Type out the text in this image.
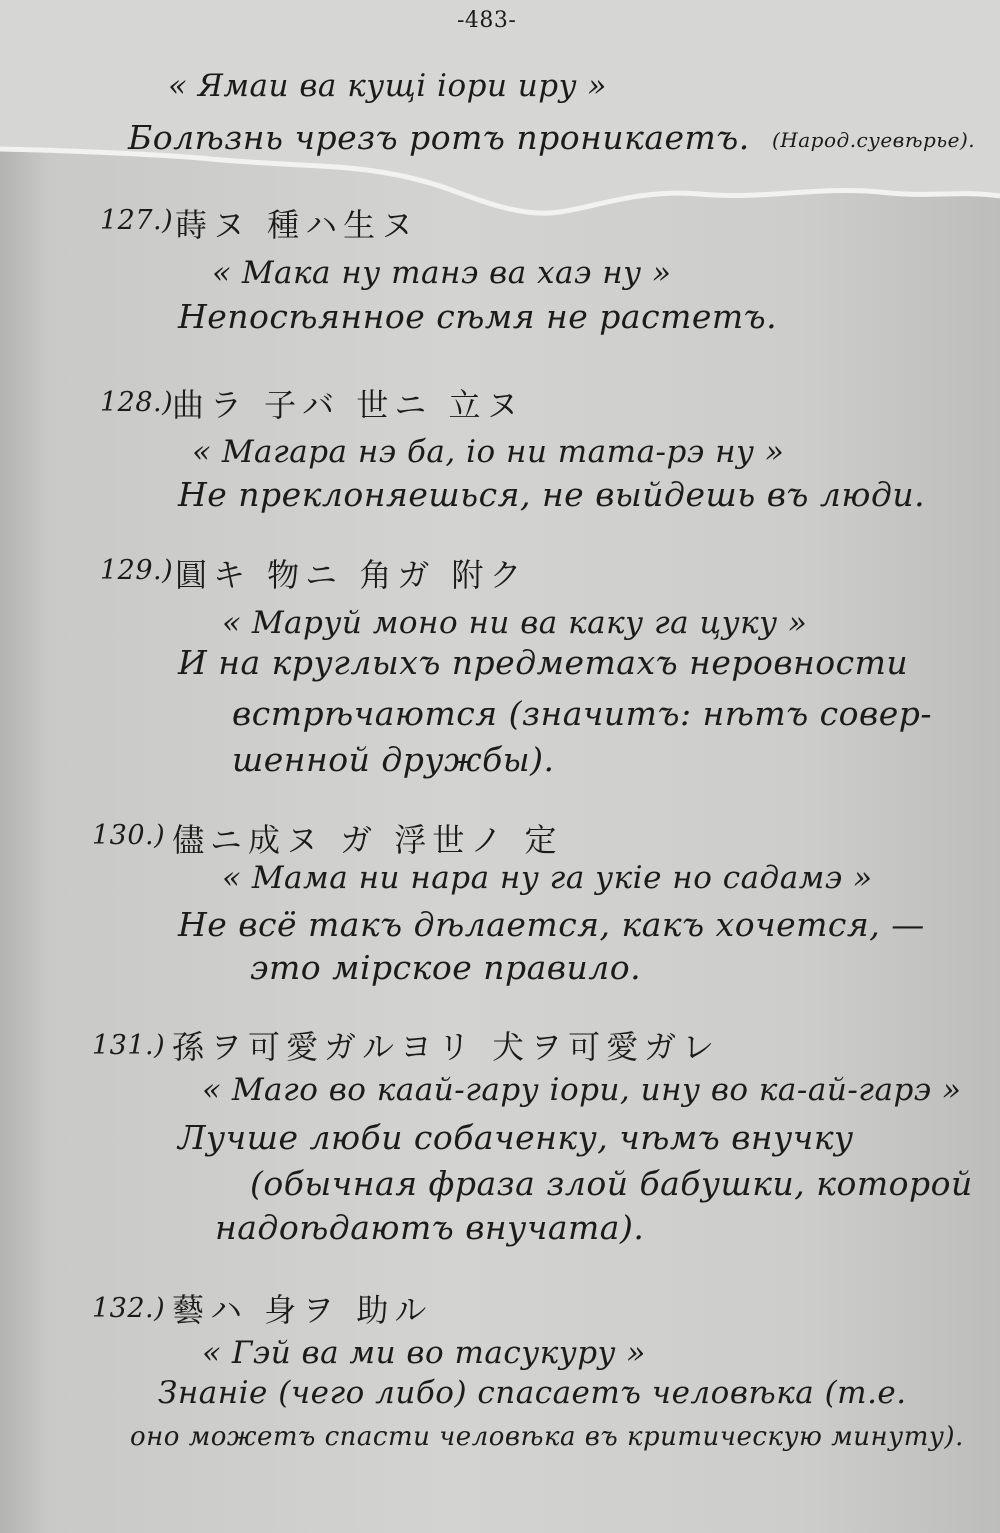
-483-
« Ямаи ва кущі іори иру »
Болѣзнь чрезъ ротъ проникаетъ. (Народ.суевѣрье).
127.) 蒔ヌ 種ハ生ヌ
« Мака ну танэ ва хаэ ну »
Непосѣянное сѣмя не растетъ.
128.)
曲ラ 子バ 世ニ 立ヌ
« Магара нэ ба, іо ни тата-рэ ну »
Не преклоняешься, не выйдешь въ люди.
129.) 圓キ 物ニ 角ガ 附ク
« Маруй моно ни ва каку га цуку »
И на круглыхъ предметахъ неровности
встрѣчаются (значитъ: нѣтъ совер-
шенной дружбы).
130.) 儘ニ成ヌ ガ 浮世ノ 定
« Мама ни нара ну га укіе но садамэ »
Не всё такъ дѣлается, какъ хочется, —
это мірское правило.
131.) 孫ヲ可愛ガルヨリ 犬ヲ可愛ガレ
« Маго во каай-гару іори, ину во ка-ай-гарэ »
Лучше люби собаченку, чѣмъ внучку
(обычная фраза злой бабушки, которой
надоѣдаютъ внучата).
132.) 藝ハ 身ヲ 助ル
« Гэй ва ми во тасукуру »
Знаніе (чего либо) спасаетъ человѣка (т.е.
оно можетъ спасти человѣка въ критическую минуту).
